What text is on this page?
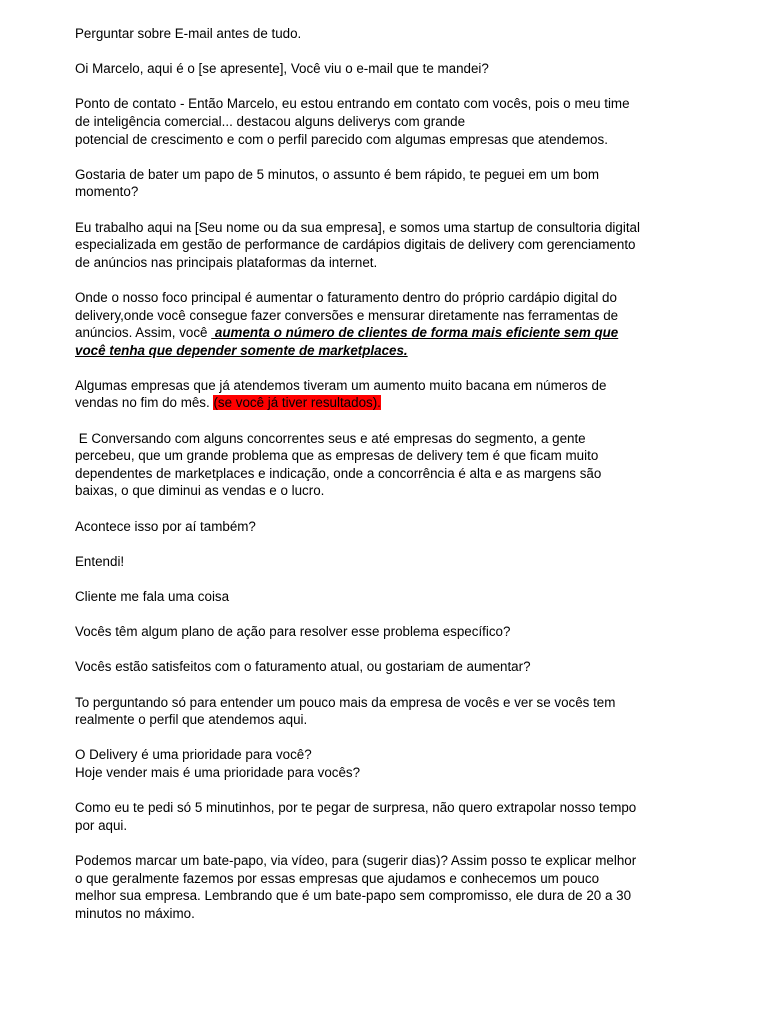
Perguntar sobre E-mail antes de tudo.

Oi Marcelo, aqui é o [se apresente], Você viu o e-mail que te mandei?

Ponto de contato - Então Marcelo, eu estou entrando em contato com vocês, pois o meu time
de inteligência comercial... destacou alguns deliverys com grande
potencial de crescimento e com o perfil parecido com algumas empresas que atendemos.

Gostaria de bater um papo de 5 minutos, o assunto é bem rápido, te peguei em um bom
momento?

Eu trabalho aqui na [Seu nome ou da sua empresa], e somos uma startup de consultoria digital
especializada em gestão de performance de cardápios digitais de delivery com gerenciamento
de anúncios nas principais plataformas da internet.

Onde o nosso foco principal é aumentar o faturamento dentro do próprio cardápio digital do
delivery,onde você consegue fazer conversões e mensurar diretamente nas ferramentas de
anúncios. Assim, você  aumenta o número de clientes de forma mais eficiente sem que
você tenha que depender somente de marketplaces.

Algumas empresas que já atendemos tiveram um aumento muito bacana em números de
vendas no fim do mês. (se você já tiver resultados).

E Conversando com alguns concorrentes seus e até empresas do segmento, a gente
percebeu, que um grande problema que as empresas de delivery tem é que ficam muito
dependentes de marketplaces e indicação, onde a concorrência é alta e as margens são
baixas, o que diminui as vendas e o lucro.

Acontece isso por aí também?

Entendi!

Cliente me fala uma coisa

Vocês têm algum plano de ação para resolver esse problema específico?

Vocês estão satisfeitos com o faturamento atual, ou gostariam de aumentar?

To perguntando só para entender um pouco mais da empresa de vocês e ver se vocês tem
realmente o perfil que atendemos aqui.

O Delivery é uma prioridade para você?
Hoje vender mais é uma prioridade para vocês?

Como eu te pedi só 5 minutinhos, por te pegar de surpresa, não quero extrapolar nosso tempo
por aqui.

Podemos marcar um bate-papo, via vídeo, para (sugerir dias)? Assim posso te explicar melhor
o que geralmente fazemos por essas empresas que ajudamos e conhecemos um pouco
melhor sua empresa. Lembrando que é um bate-papo sem compromisso, ele dura de 20 a 30
minutos no máximo.
